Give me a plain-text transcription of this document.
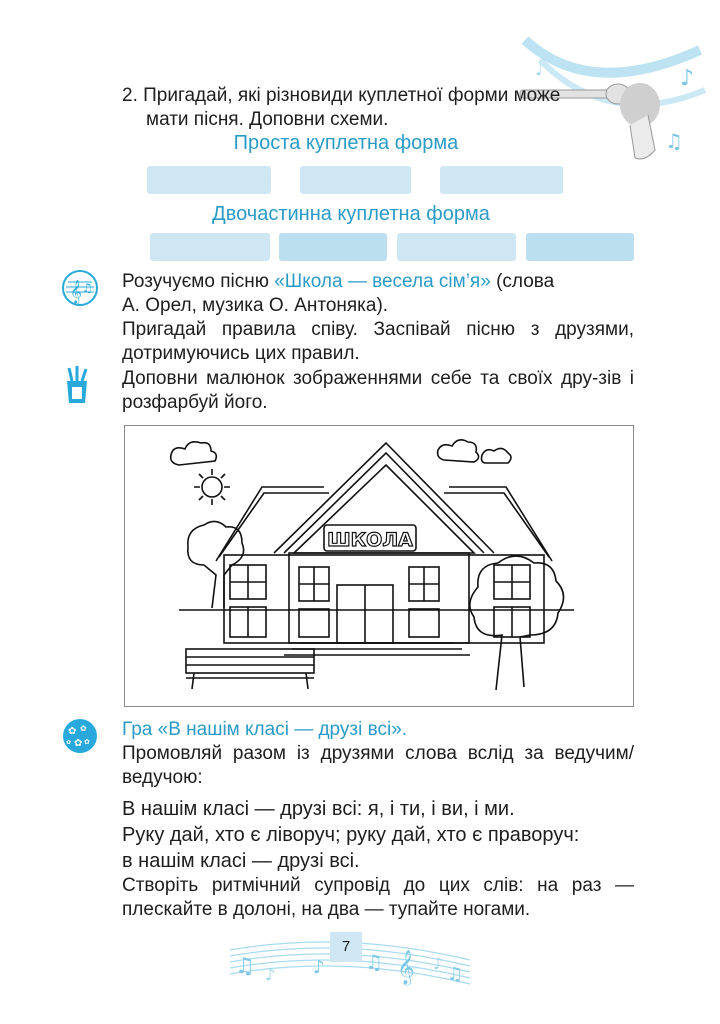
♪
♫
♩
2. Пригадай, які різновиди куплетної форми може
мати пісня. Доповни схеми.
Проста куплетна форма
Двочастинна куплетна форма
𝄞 ♫ Розучуємо пісню «Школа — весела сім’я» (слова
А. Орел, музика О. Антоняка).
Пригадай правила співу. Заспівай пісню з друзями, дотримуючись цих правил.
Доповни малюнок зображеннями себе та своїх дру-зів і розфарбуй його.
ШКОЛА
✿ ✿
✿ ✿
✿
Гра «В нашім класі — друзі всі».
Промовляй разом із друзями слова вслід за ведучим/ведучою:
В нашім класі — друзі всі: я, і ти, і ви, і ми.
Руку дай, хто є ліворуч; руку дай, хто є праворуч:
в нашім класі — друзі всі.
Створіть ритмічний супровід до цих слів: на раз — плескайте в долоні, на два — тупайте ногами.
♫ ♪ ♪ ♫ 𝄞 ♪
♫
7
